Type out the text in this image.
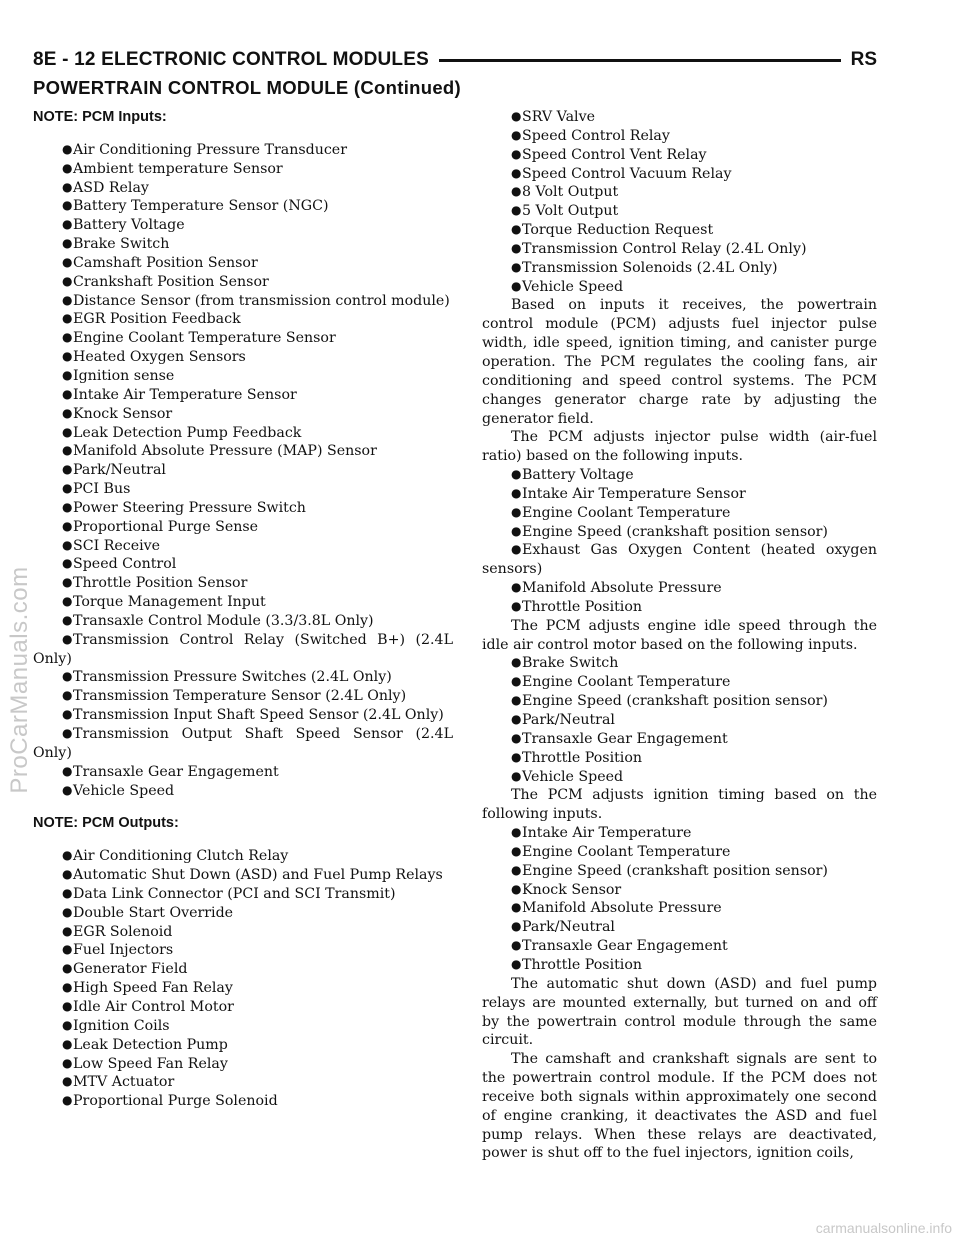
8E - 12 ELECTRONIC CONTROL MODULES	RS
POWERTRAIN CONTROL MODULE (Continued)
NOTE: PCM Inputs:
●Air Conditioning Pressure Transducer
●Ambient temperature Sensor
●ASD Relay
●Battery Temperature Sensor (NGC)
●Battery Voltage
●Brake Switch
●Camshaft Position Sensor
●Crankshaft Position Sensor
●Distance Sensor (from transmission control module)
●EGR Position Feedback
●Engine Coolant Temperature Sensor
●Heated Oxygen Sensors
●Ignition sense
●Intake Air Temperature Sensor
●Knock Sensor
●Leak Detection Pump Feedback
●Manifold Absolute Pressure (MAP) Sensor
●Park/Neutral
●PCI Bus
●Power Steering Pressure Switch
●Proportional Purge Sense
●SCI Receive
●Speed Control
●Throttle Position Sensor
●Torque Management Input
●Transaxle Control Module (3.3/3.8L Only)
●Transmission Control Relay (Switched B+) (2.4L Only)
●Transmission Pressure Switches (2.4L Only)
●Transmission Temperature Sensor (2.4L Only)
●Transmission Input Shaft Speed Sensor (2.4L Only)
●Transmission Output Shaft Speed Sensor (2.4L Only)
●Transaxle Gear Engagement
●Vehicle Speed
NOTE: PCM Outputs:
●Air Conditioning Clutch Relay
●Automatic Shut Down (ASD) and Fuel Pump Relays
●Data Link Connector (PCI and SCI Transmit)
●Double Start Override
●EGR Solenoid
●Fuel Injectors
●Generator Field
●High Speed Fan Relay
●Idle Air Control Motor
●Ignition Coils
●Leak Detection Pump
●Low Speed Fan Relay
●MTV Actuator
●Proportional Purge Solenoid
●SRV Valve
●Speed Control Relay
●Speed Control Vent Relay
●Speed Control Vacuum Relay
●8 Volt Output
●5 Volt Output
●Torque Reduction Request
●Transmission Control Relay (2.4L Only)
●Transmission Solenoids (2.4L Only)
●Vehicle Speed

Based on inputs it receives, the powertrain control module (PCM) adjusts fuel injector pulse width, idle speed, ignition timing, and canister purge operation. The PCM regulates the cooling fans, air conditioning and speed control systems. The PCM changes generator charge rate by adjusting the generator field.

The PCM adjusts injector pulse width (air-fuel ratio) based on the following inputs.

●Battery Voltage
●Intake Air Temperature Sensor
●Engine Coolant Temperature
●Engine Speed (crankshaft position sensor)
●Exhaust Gas Oxygen Content (heated oxygen sensors)
●Manifold Absolute Pressure
●Throttle Position

The PCM adjusts engine idle speed through the idle air control motor based on the following inputs.

●Brake Switch
●Engine Coolant Temperature
●Engine Speed (crankshaft position sensor)
●Park/Neutral
●Transaxle Gear Engagement
●Throttle Position
●Vehicle Speed

The PCM adjusts ignition timing based on the following inputs.

●Intake Air Temperature
●Engine Coolant Temperature
●Engine Speed (crankshaft position sensor)
●Knock Sensor
●Manifold Absolute Pressure
●Park/Neutral
●Transaxle Gear Engagement
●Throttle Position

The automatic shut down (ASD) and fuel pump relays are mounted externally, but turned on and off by the powertrain control module through the same circuit.

The camshaft and crankshaft signals are sent to the powertrain control module. If the PCM does not receive both signals within approximately one second of engine cranking, it deactivates the ASD and fuel pump relays. When these relays are deactivated, power is shut off to the fuel injectors, ignition coils,

ProCarManuals.com
carmanualsonline.info
